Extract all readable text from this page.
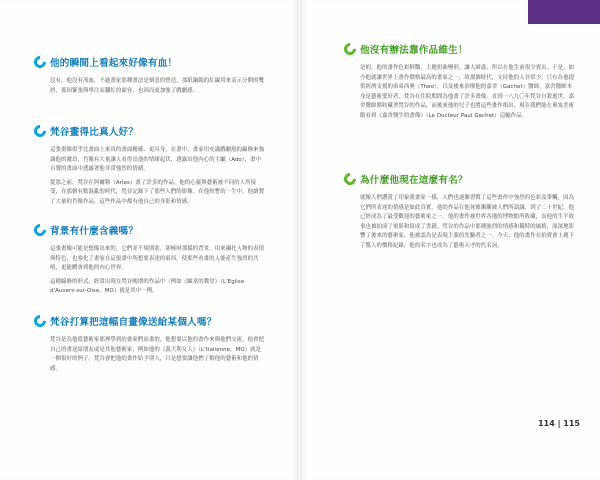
他的瞬間上看起來好像有血！

沒有，他沒有流血，不過畫家那種畫法是刻意的營造，那紙鍋鎢的紅線用來表示分開的雙唇，那因緊張與專注而翻紅的面容，也因而更加強了戲劇感。

梵谷畫得比真人好？

這張畫像似乎比畫面上來真的畫面精確、更具身。在畫中，畫家用充滿戲劇般的線條來強調他的激昂，肖像有大量讓人看得出他的情緒起伏，透露出他內心的主顯（Ado），畫中自製的畫面中透露著他非常強烈的情緒。

從那之前，梵谷在阿爾勒（Arles）畫了許多的作品，他的心靈與藝術被不同的人所接受，在那個有點混亂的時代，梵谷記錄下了那些人們的影像。在他短暫的一生中，他繪製了大量的肖像作品，這些作品中都有他自己的身影和情感。

背景有什麼含義嗎？

這張畫像可能是想像出來的，它們並不規則狀，卻極財那樣的背景，用來襯托人物的表情與特色，也強化了畫家在這張畫中所想要表達的東西，使那些看畫的人能產生強烈的共鳴，更能體會到他的內心世界。

這種線條的形式，經常出現在梵谷晚期的作品中（例如《歐韋的教堂》（L'Eglise d'Auvers-sur-Oise，MO）就是其中一例。

梵谷打算把這幅自畫像送給某個人嗎？

梵谷是為他從藝術家那裡學到的畫家們而畫的，他想要以他的畫作來與他們交流，他會把自己的畫送給朋友或是其他藝術家，例如他的《義大利女人》（L'Italienne，MO）就是一個很好的例子。梵谷會把他的畫作給予別人，只是想要讓他們了解他的藝術和他的情感。

他沒有辦法靠作品維生！

是的，他的畫作色彩鮮豔，主題扭曲變形，讓人困惑，所以在他生前很少賣出。于是，如今他就讓世界上畫作價格最高的畫家之一，故那個時代，支持他的人非常少，只有為他提供經濟支援的弟弟西奧（Theo），以及後來治療他的嘉舍（Gachet）醫師，嘉舍醫師本身是藝術愛好者，梵谷在住院期間為他畫了許多畫像。直到一八九〇年梵谷自殺逝世，嘉舍醫師都收藏著梵谷的作品，而後來他的兒子也將這些畫作捐出，現在我們能在奧塞美術館看到《嘉舍醫生的畫像》（Le Docteur Paul Gachet）這幅作品。

為什麼他現在這麼有名？

就像人們讚賞了印象派畫家一樣，人們也逐漸習慣了這些畫作中強烈的色彩及筆觸，因為它們所表達的情感是如此真實。他的作品在他死後漸漸被人們所認識，到了二十世紀，他已經成為了最受歡迎的藝術家之一。他的畫作被世界各地的博物館所收藏，而他的生平故事也被拍成了電影和寫成了書籍。梵谷的作品中那種強烈的情感和獨特的風格，深深地影響了後來的藝術家，他被認為是表現主義的先驅者之一。今天，他的畫作在拍賣會上創下了驚人的價格紀錄，他的名字也成為了藝術天才的代名詞。

114 | 115
